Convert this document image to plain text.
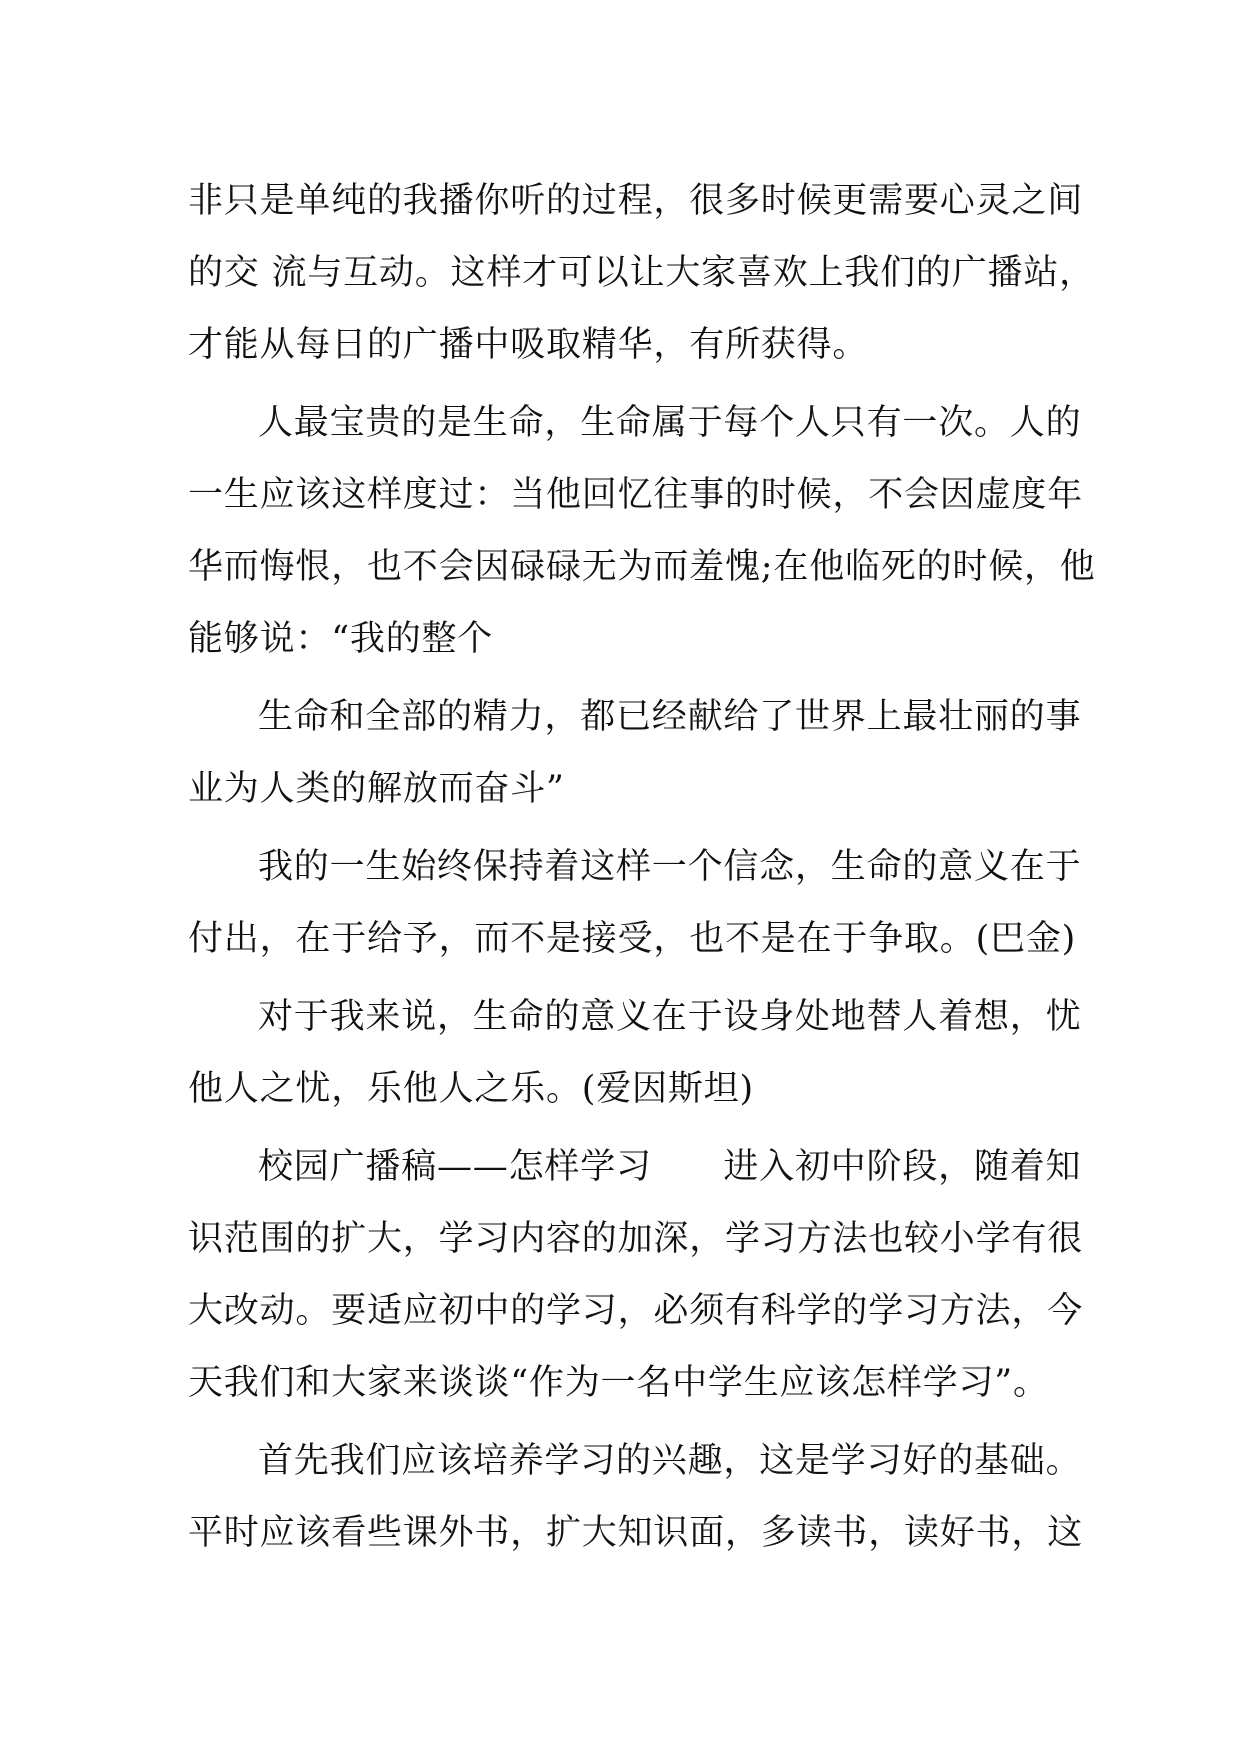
非只是单纯的我播你听的过程，很多时候更需要心灵之间
的交 流与互动。这样才可以让大家喜欢上我们的广播站，
才能从每日的广播中吸取精华，有所获得。
人最宝贵的是生命，生命属于每个人只有一次。人的
一生应该这样度过：当他回忆往事的时候，不会因虚度年
华而悔恨，也不会因碌碌无为而羞愧;在他临死的时候，他
能够说：“我的整个
生命和全部的精力，都已经献给了世界上最壮丽的事
业为人类的解放而奋斗”
我的一生始终保持着这样一个信念，生命的意义在于
付出，在于给予，而不是接受，也不是在于争取。(巴金)
对于我来说，生命的意义在于设身处地替人着想，忧
他人之忧，乐他人之乐。(爱因斯坦)
校园广播稿——怎样学习      进入初中阶段，随着知
识范围的扩大，学习内容的加深，学习方法也较小学有很
大改动。要适应初中的学习，必须有科学的学习方法，今
天我们和大家来谈谈“作为一名中学生应该怎样学习”。
首先我们应该培养学习的兴趣，这是学习好的基础。
平时应该看些课外书，扩大知识面，多读书，读好书，这
